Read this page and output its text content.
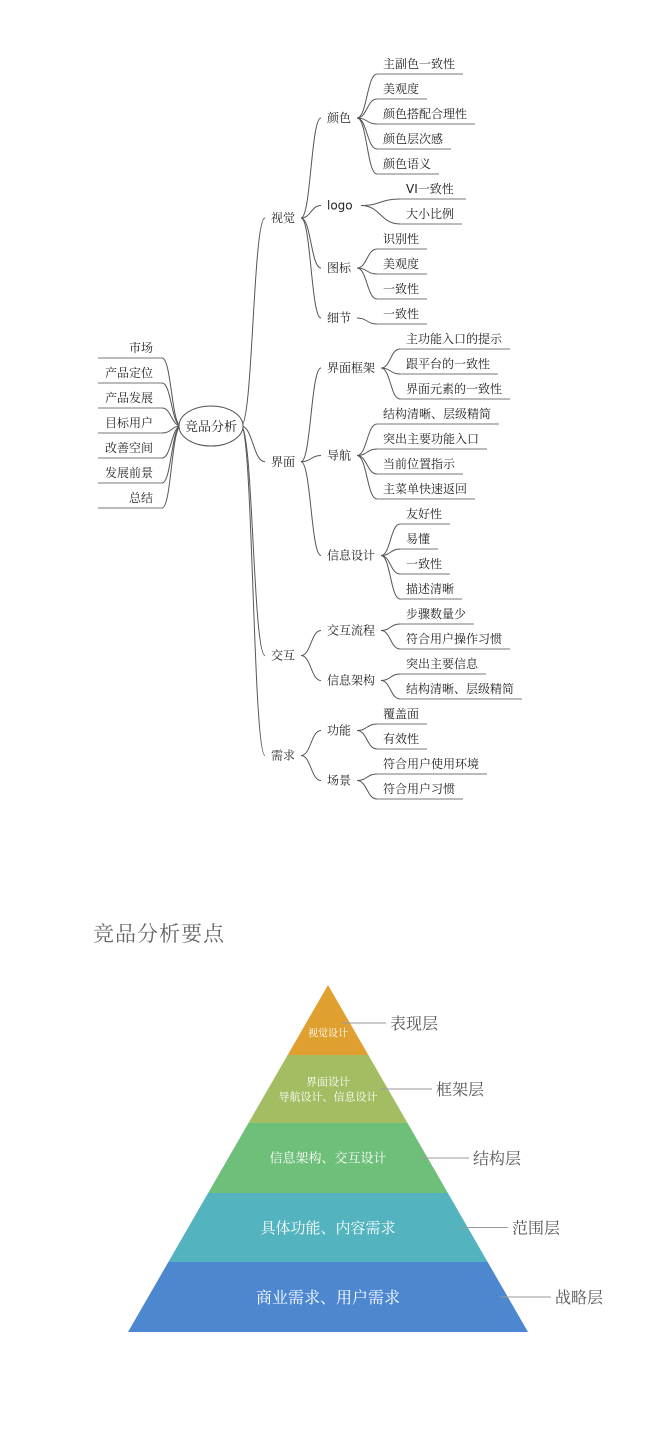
主副色一致性
美观度
颜色搭配合理性
颜色层次感
颜色语义
颜色
VI一致性
大小比例
logo
识别性
美观度
一致性
图标
一致性
细节
视觉
主功能入口的提示
跟平台的一致性
界面元素的一致性
界面框架
结构清晰、层级精简
突出主要功能入口
当前位置指示
主菜单快速返回
导航
友好性
易懂
一致性
描述清晰
信息设计
界面
步骤数量少
符合用户操作习惯
交互流程
突出主要信息
结构清晰、层级精简
信息架构
交互
覆盖面
有效性
功能
符合用户使用环境
符合用户习惯
场景
需求
市场
产品定位
产品发展
目标用户
改善空间
发展前景
总结
竞品分析
竞品分析要点
视觉设计
表现层
界面设计
导航设计、信息设计	框架层
信息架构、交互设计	结构层
具体功能、内容需求	范围层
商业需求、用户需求	战略层
